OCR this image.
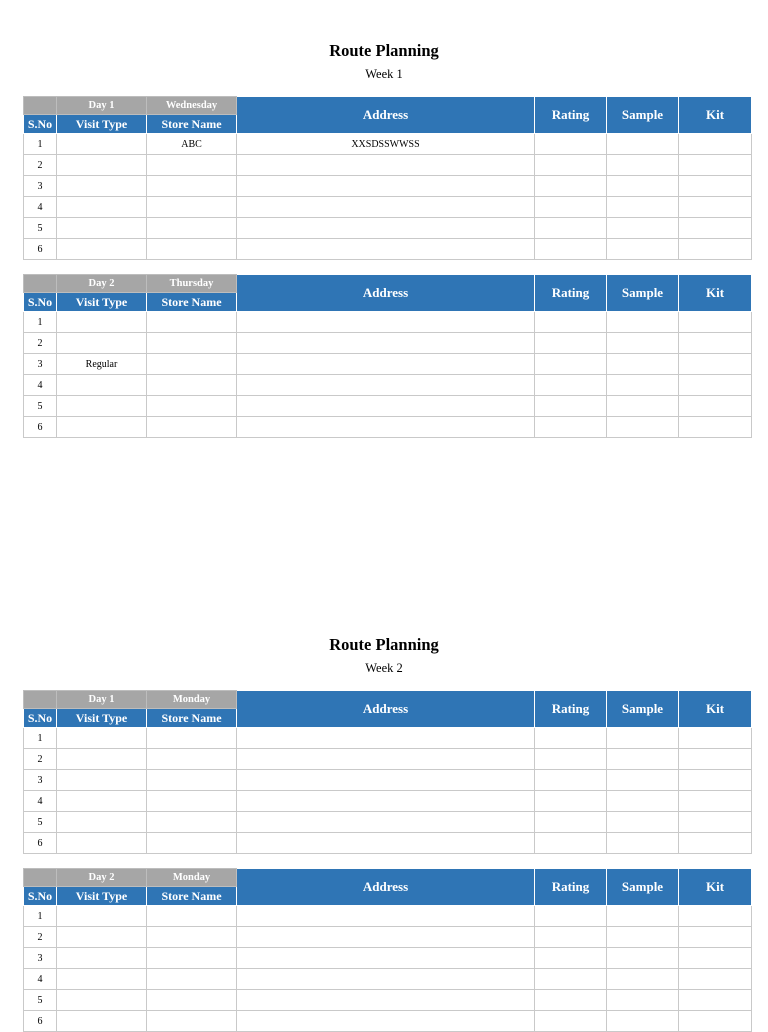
Route Planning
Week 1
	Day 1	Wednesday	Address	Rating	Sample	Kit
S.No	Visit Type	Store Name				
1		ABC	XXSDSSWWSS			
2						
3						
4						
5						
6						
	Day 2	Thursday	Address	Rating	Sample	Kit
S.No	Visit Type	Store Name				
1						
2						
3	Regular					
4						
5						
6						
Route Planning
Week 2
	Day 1	Monday	Address	Rating	Sample	Kit
S.No	Visit Type	Store Name				
1						
2						
3						
4						
5						
6						
	Day 2	Monday	Address	Rating	Sample	Kit
S.No	Visit Type	Store Name				
1						
2						
3						
4						
5						
6						
